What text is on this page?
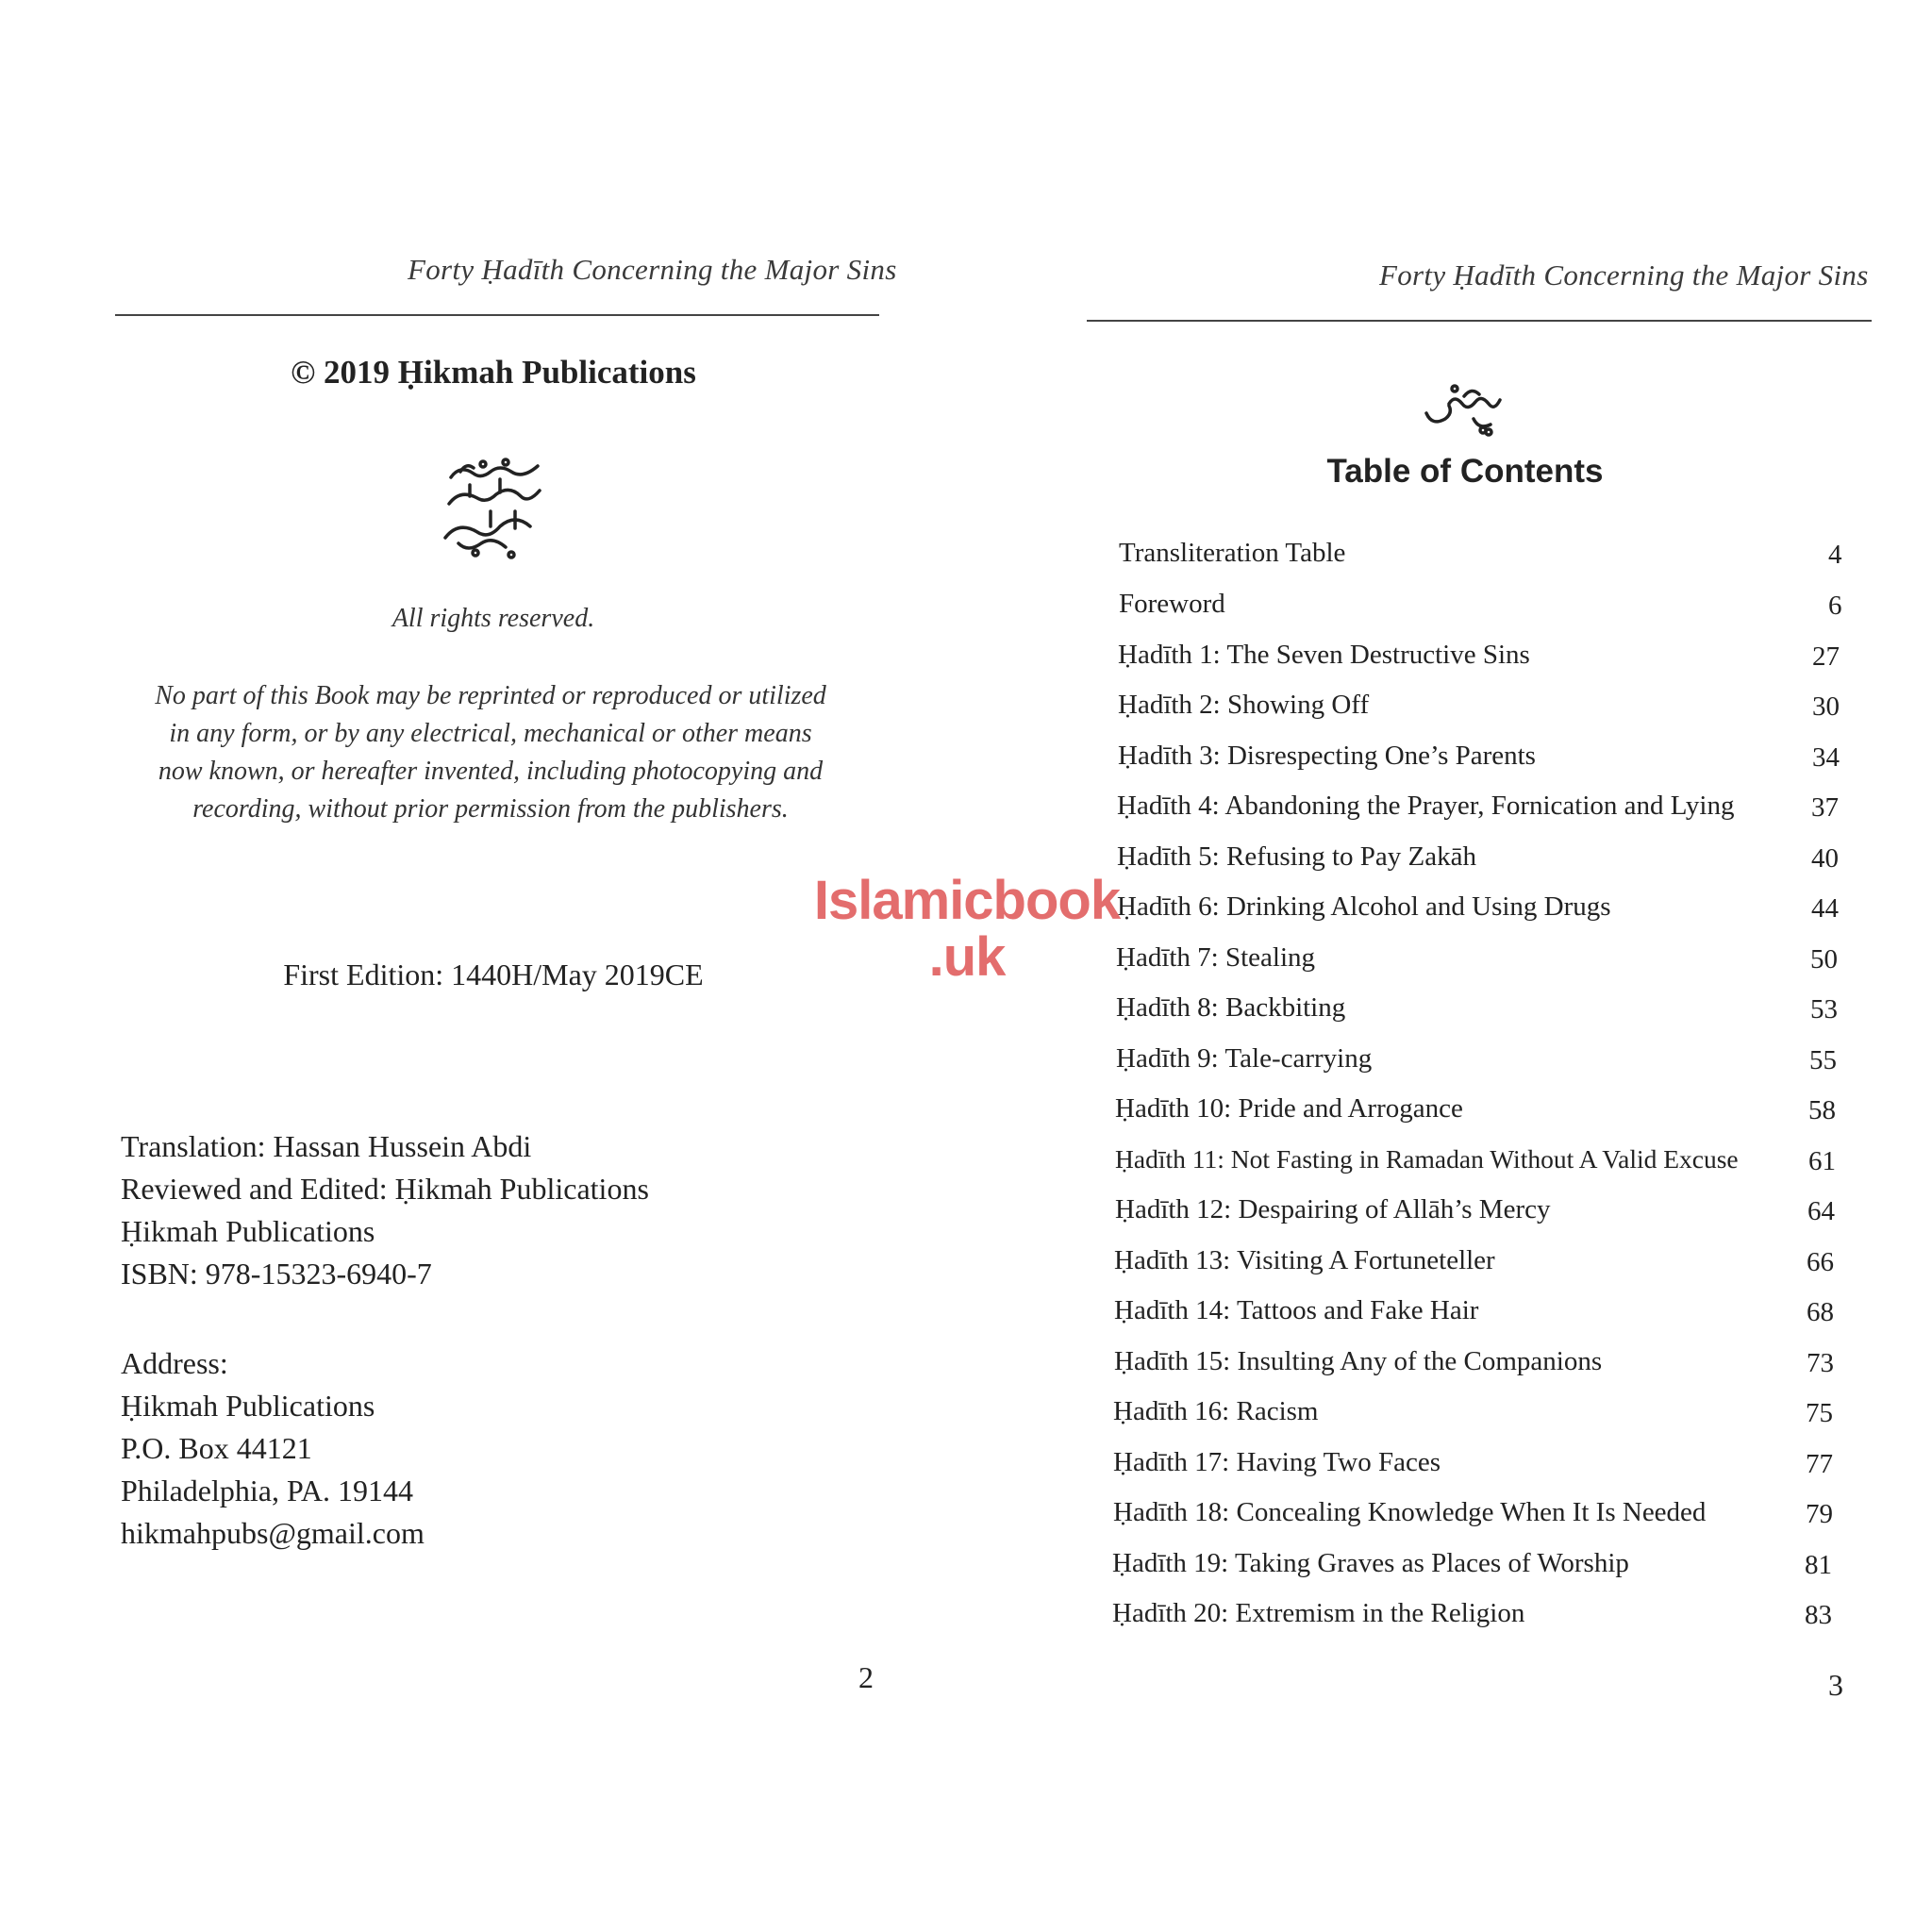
Forty Ḥadīth Concerning the Major Sins
© 2019 Ḥikmah Publications
All rights reserved.
No part of this Book may be reprinted or reproduced or utilized
in any form, or by any electrical, mechanical or other means
now known, or hereafter invented, including photocopying and
recording, without prior permission from the publishers.
First Edition: 1440H/May 2019CE
Translation: Hassan Hussein Abdi
Reviewed and Edited: Ḥikmah Publications
Ḥikmah Publications
ISBN: 978-15323-6940-7
Address:
Ḥikmah Publications
P.O. Box 44121
Philadelphia, PA. 19144
hikmahpubs@gmail.com
2
Forty Ḥadīth Concerning the Major Sins
Table of Contents
Transliteration Table	4
Foreword	6
Ḥadīth 1: The Seven Destructive Sins	27
Ḥadīth 2: Showing Off	30
Ḥadīth 3: Disrespecting One’s Parents	34
Ḥadīth 4: Abandoning the Prayer, Fornication and Lying	37
Ḥadīth 5: Refusing to Pay Zakāh	40
Ḥadīth 6: Drinking Alcohol and Using Drugs	44
Ḥadīth 7: Stealing	50
Ḥadīth 8: Backbiting	53
Ḥadīth 9: Tale-carrying	55
Ḥadīth 10: Pride and Arrogance	58
Ḥadīth 11: Not Fasting in Ramadan Without A Valid Excuse	61
Ḥadīth 12: Despairing of Allāh’s Mercy	64
Ḥadīth 13: Visiting A Fortuneteller	66
Ḥadīth 14: Tattoos and Fake Hair	68
Ḥadīth 15: Insulting Any of the Companions	73
Ḥadīth 16: Racism	75
Ḥadīth 17: Having Two Faces	77
Ḥadīth 18: Concealing Knowledge When It Is Needed	79
Ḥadīth 19: Taking Graves as Places of Worship	81
Ḥadīth 20: Extremism in the Religion	83
3
Islamicbook
.uk
